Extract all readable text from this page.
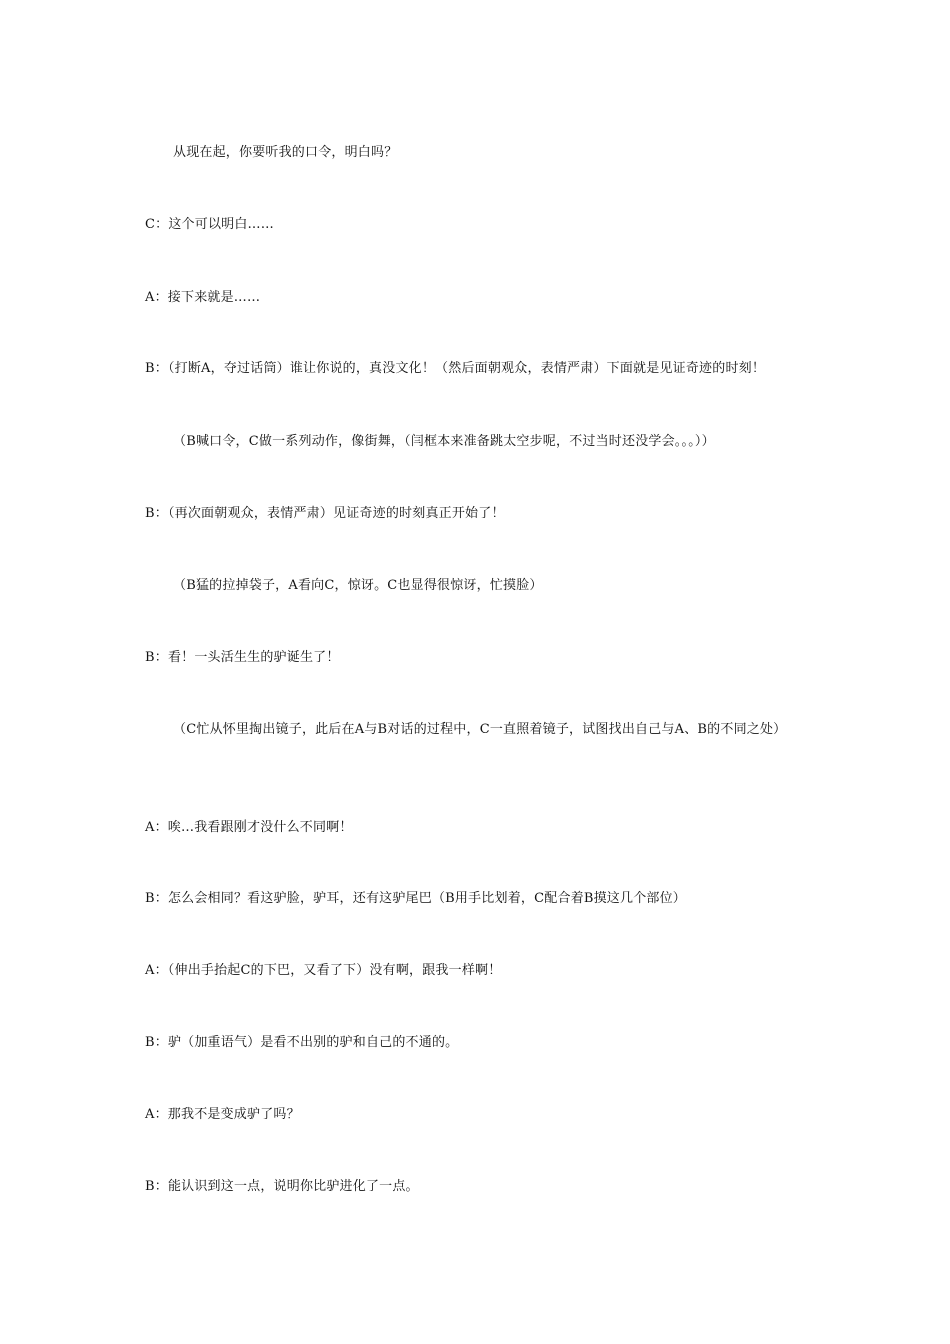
从现在起，你要听我的口令，明白吗？
C：这个可以明白……
A：接下来就是……
B：（打断A，夺过话筒）谁让你说的，真没文化！（然后面朝观众，表情严肃）下面就是见证奇迹的时刻！
（B喊口令，C做一系列动作，像街舞，（闫框本来准备跳太空步呢，不过当时还没学会。。。））
B：（再次面朝观众，表情严肃）见证奇迹的时刻真正开始了！
（B猛的拉掉袋子，A看向C，惊讶。C也显得很惊讶，忙摸脸）
B：看！一头活生生的驴诞生了！
（C忙从怀里掏出镜子，此后在A与B对话的过程中，C一直照着镜子，试图找出自己与A、B的不同之处）
A：唉…我看跟刚才没什么不同啊！
B：怎么会相同？看这驴脸，驴耳，还有这驴尾巴（B用手比划着，C配合着B摸这几个部位）
A：（伸出手抬起C的下巴，又看了下）没有啊，跟我一样啊！
B：驴（加重语气）是看不出别的驴和自己的不通的。
A：那我不是变成驴了吗？
B：能认识到这一点，说明你比驴进化了一点。
